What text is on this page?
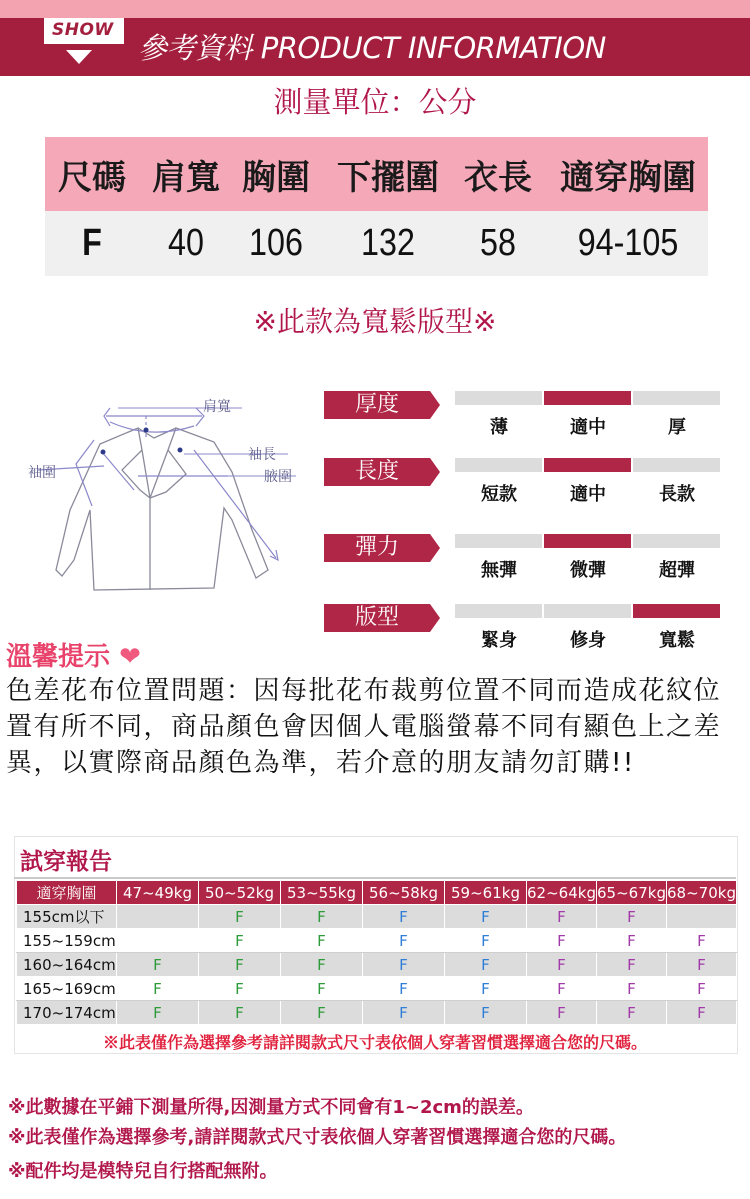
SHOW
參考資料 PRODUCT INFORMATION
測量單位：公分
尺碼 肩寬 胸圍 下擺圍 衣長 適穿胸圍
F	40	106	132	58	94-105
※此款為寬鬆版型※
肩寬
袖長
袖圍	腋圍
厚度
薄	適中	厚
長度
短款	適中	長款
彈力
無彈	微彈	超彈
版型
緊身	修身	寬鬆
溫馨提示 ❤
色差花布位置問題：因每批花布裁剪位置不同而造成花紋位置有所不同，商品顏色會因個人電腦螢幕不同有顯色上之差異，以實際商品顏色為準，若介意的朋友請勿訂購!!
試穿報告
適穿胸圍	47~49kg	50~52kg	53~55kg	56~58kg	59~61kg	62~64kg	65~67kg	68~70kg
155cm以下		F	F	F	F	F	F	
155~159cm		F	F	F	F	F	F	F
160~164cm	F	F	F	F	F	F	F	F
165~169cm	F	F	F	F	F	F	F	F
170~174cm	F	F	F	F	F	F	F	F
※此表僅作為選擇參考請詳閱款式尺寸表依個人穿著習慣選擇適合您的尺碼。
※此數據在平鋪下測量所得,因測量方式不同會有1~2cm的誤差。
※此表僅作為選擇參考,請詳閱款式尺寸表依個人穿著習慣選擇適合您的尺碼。
※配件均是模特兒自行搭配無附。
